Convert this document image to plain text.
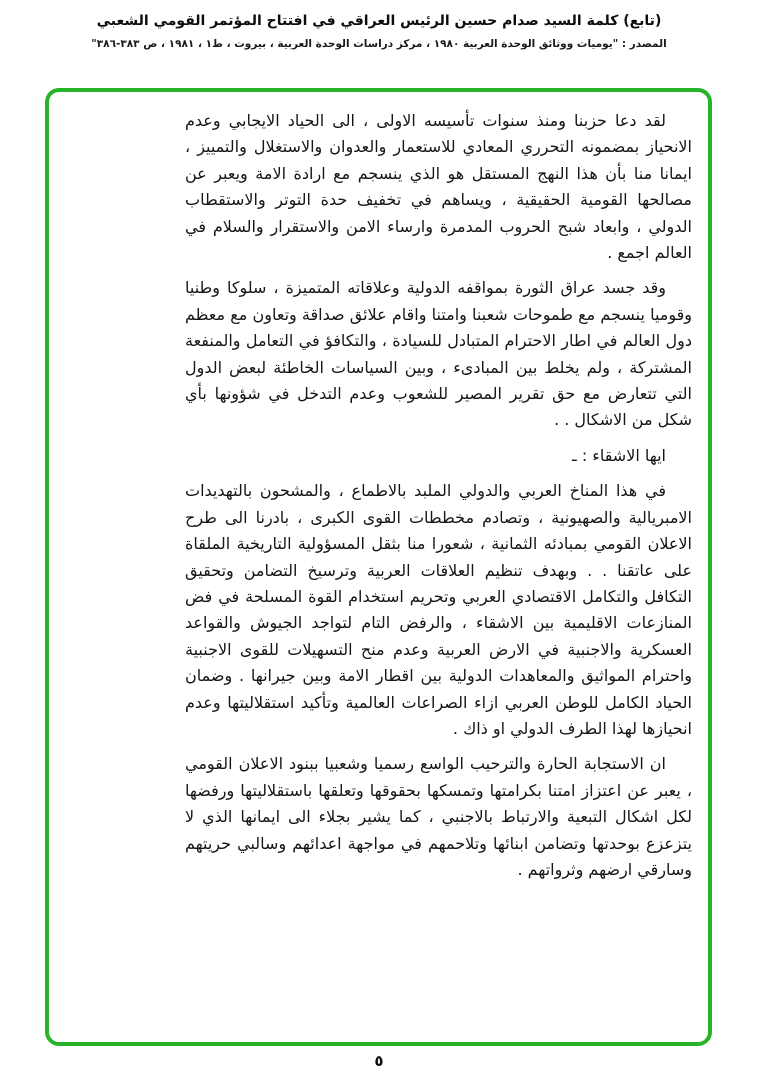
(تابع) كلمة السيد صدام حسين الرئيس العراقي في افتتاح المؤتمر القومي الشعبي
المصدر : "يوميات ووثائق الوحدة العربية ١٩٨٠ ، مركز دراسات الوحدة العربية ، بيروت ، ط١ ، ١٩٨١ ، ص ٣٨٣-٣٨٦"

لقد دعا حزبنا ومنذ سنوات تأسيسه الاولى ، الى الحياد الايجابي وعدم الانحياز بمضمونه التحرري المعادي للاستعمار والعدوان والاستغلال والتمييز ، ايمانا منا بأن هذا النهج المستقل هو الذي ينسجم مع ارادة الامة ويعبر عن مصالحها القومية الحقيقية ، ويساهم في تخفيف حدة التوتر والاستقطاب الدولي ، وابعاد شبح الحروب المدمرة وارساء الامن والاستقرار والسلام في العالم اجمع .

وقد جسد عراق الثورة بمواقفه الدولية وعلاقاته المتميزة ، سلوكا وطنيا وقوميا ينسجم مع طموحات شعبنا وامتنا واقام علائق صداقة وتعاون مع معظم دول العالم في اطار الاحترام المتبادل للسيادة ، والتكافؤ في التعامل والمنفعة المشتركة ، ولم يخلط بين المبادىء ، وبين السياسات الخاطئة لبعض الدول التي تتعارض مع حق تقرير المصير للشعوب وعدم التدخل في شؤونها بأي شكل من الاشكال . .

ايها الاشقاء : ـ

في هذا المناخ العربي والدولي الملبد بالاطماع ، والمشحون بالتهديدات الامبريالية والصهيونية ، وتصادم مخططات القوى الكبرى ، بادرنا الى طرح الاعلان القومي بمبادئه الثمانية ، شعورا منا بثقل المسؤولية التاريخية الملقاة على عاتقنا . . وبهدف تنظيم العلاقات العربية وترسيخ التضامن وتحقيق التكافل والتكامل الاقتصادي العربي وتحريم استخدام القوة المسلحة في فض المنازعات الاقليمية بين الاشقاء ، والرفض التام لتواجد الجيوش والقواعد العسكرية والاجنبية في الارض العربية وعدم منح التسهيلات للقوى الاجنبية واحترام المواثيق والمعاهدات الدولية بين اقطار الامة وبين جيرانها . وضمان الحياد الكامل للوطن العربي ازاء الصراعات العالمية وتأكيد استقلاليتها وعدم انحيازها لهذا الطرف الدولي او ذاك .

ان الاستجابة الحارة والترحيب الواسع رسميا وشعبيا ببنود الاعلان القومي ، يعبر عن اعتزاز امتنا بكرامتها وتمسكها بحقوقها وتعلقها باستقلاليتها ورفضها لكل اشكال التبعية والارتباط بالاجنبي ، كما يشير بجلاء الى ايمانها الذي لا يتزعزع بوحدتها وتضامن ابنائها وتلاحمهم في مواجهة اعدائهم وسالبي حريتهم وسارقي ارضهم وثرواتهم .

٥
